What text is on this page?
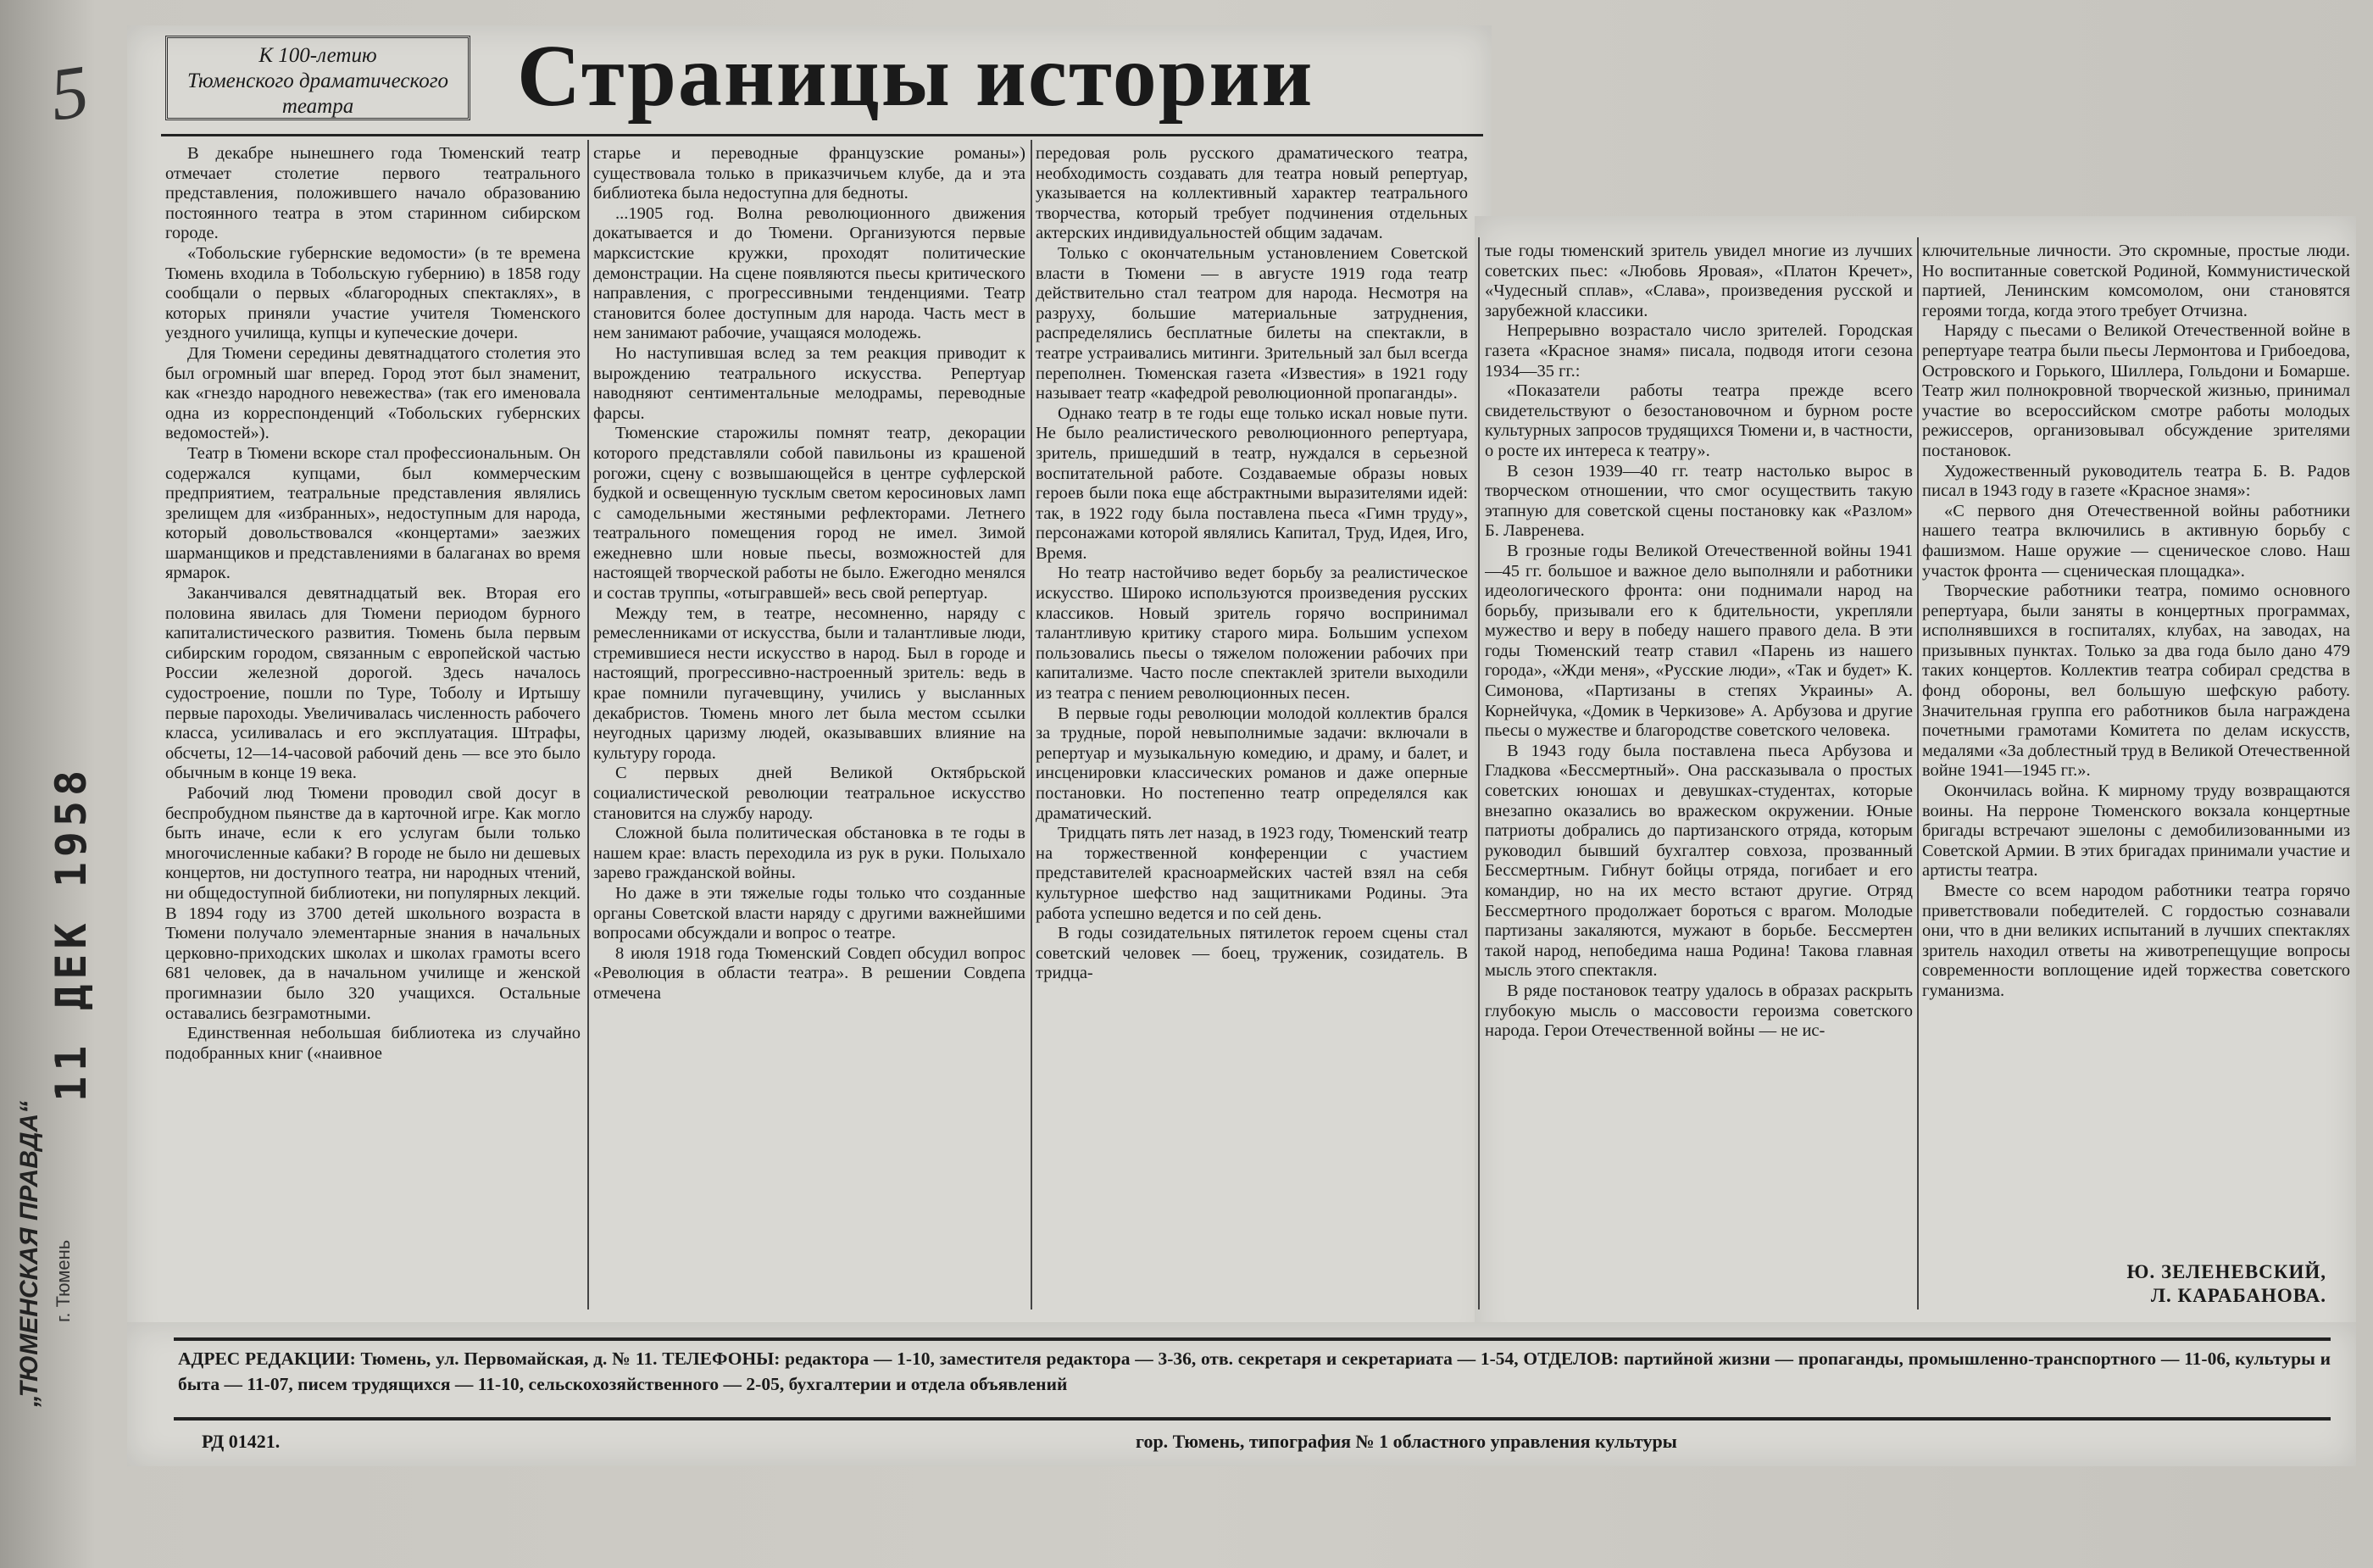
5	К 100-летию
Тюменского драматического
театра	Страницы истории

В декабре нынешнего года Тюменский театр отмечает столетие первого театрального представления, положившего начало образованию постоянного театра в этом старинном сибирском городе.

«Тобольские губернские ведомости» (в те времена Тюмень входила в Тобольскую губернию) в 1858 году сообщали о первых «благородных спектаклях», в которых приняли участие учителя Тюменского уездного училища, купцы и купеческие дочери.

Для Тюмени середины девятнадцатого столетия это был огромный шаг вперед. Город этот был знаменит, как «гнездо народного невежества» (так его именовала одна из корреспонденций «Тобольских губернских ведомостей»).

Театр в Тюмени вскоре стал профессиональным. Он содержался купцами, был коммерческим предприятием, театральные представления являлись зрелищем для «избранных», недоступным для народа, который довольствовался «концертами» заезжих шарманщиков и представлениями в балаганах во время ярмарок.

Заканчивался девятнадцатый век. Вторая его половина явилась для Тюмени периодом бурного капиталистического развития. Тюмень была первым сибирским городом, связанным с европейской частью России железной дорогой. Здесь началось судостроение, пошли по Туре, Тоболу и Иртышу первые пароходы. Увеличивалась численность рабочего класса, усиливалась и его эксплуатация. Штрафы, обсчеты, 12—14-часовой рабочий день — все это было обычным в конце 19 века.

Рабочий люд Тюмени проводил свой досуг в беспробудном пьянстве да в карточной игре. Как могло быть иначе, если к его услугам были только многочисленные кабаки? В городе не было ни дешевых концертов, ни доступного театра, ни народных чтений, ни общедоступной библиотеки, ни популярных лекций. В 1894 году из 3700 детей школьного возраста в Тюмени получало элементарные знания в начальных церковно-приходских школах и школах грамоты всего 681 человек, да в начальном училище и женской прогимназии было 320 учащихся. Остальные оставались безграмотными.

Единственная небольшая библиотека из случайно подобранных книг («наивное

старье и переводные французские романы») существовала только в приказчичьем клубе, да и эта библиотека была недоступна для бедноты.

...1905 год. Волна революционного движения докатывается и до Тюмени. Организуются первые марксистские кружки, проходят политические демонстрации. На сцене появляются пьесы критического направления, с прогрессивными тенденциями. Театр становится более доступным для народа. Часть мест в нем занимают рабочие, учащаяся молодежь.

Но наступившая вслед за тем реакция приводит к вырождению театрального искусства. Репертуар наводняют сентиментальные мелодрамы, переводные фарсы.

Тюменские старожилы помнят театр, декорации которого представляли собой павильоны из крашеной рогожи, сцену с возвышающейся в центре суфлерской будкой и освещенную тусклым светом керосиновых ламп с самодельными жестяными рефлекторами. Летнего театрального помещения город не имел. Зимой ежедневно шли новые пьесы, возможностей для настоящей творческой работы не было. Ежегодно менялся и состав труппы, «отыгравшей» весь свой репертуар.

Между тем, в театре, несомненно, наряду с ремесленниками от искусства, были и талантливые люди, стремившиеся нести искусство в народ. Был в городе и настоящий, прогрессивно-настроенный зритель: ведь в крае помнили пугачевщину, учились у высланных декабристов. Тюмень много лет была местом ссылки неугодных царизму людей, оказывавших влияние на культуру города.

С первых дней Великой Октябрьской социалистической революции театральное искусство становится на службу народу.

Сложной была политическая обстановка в те годы в нашем крае: власть переходила из рук в руки. Полыхало зарево гражданской войны.

Но даже в эти тяжелые годы только что созданные органы Советской власти наряду с другими важнейшими вопросами обсуждали и вопрос о театре.

8 июля 1918 года Тюменский Совдеп обсудил вопрос «Революция в области театра». В решении Совдепа отмечена

передовая роль русского драматического театра, необходимость создавать для театра новый репертуар, указывается на коллективный характер театрального творчества, который требует подчинения отдельных актерских индивидуальностей общим задачам.

Только с окончательным установлением Советской власти в Тюмени — в августе 1919 года театр действительно стал театром для народа. Несмотря на разруху, большие материальные затруднения, распределялись бесплатные билеты на спектакли, в театре устраивались митинги. Зрительный зал был всегда переполнен. Тюменская газета «Известия» в 1921 году называет театр «кафедрой революционной пропаганды».

Однако театр в те годы еще только искал новые пути. Не было реалистического революционного репертуара, зритель, пришедший в театр, нуждался в серьезной воспитательной работе. Создаваемые образы новых героев были пока еще абстрактными выразителями идей: так, в 1922 году была поставлена пьеса «Гимн труду», персонажами которой являлись Капитал, Труд, Идея, Иго, Время.

Но театр настойчиво ведет борьбу за реалистическое искусство. Широко используются произведения русских классиков. Новый зритель горячо воспринимал талантливую критику старого мира. Большим успехом пользовались пьесы о тяжелом положении рабочих при капитализме. Часто после спектаклей зрители выходили из театра с пением революционных песен.

В первые годы революции молодой коллектив брался за трудные, порой невыполнимые задачи: включали в репертуар и музыкальную комедию, и драму, и балет, и инсценировки классических романов и даже оперные постановки. Но постепенно театр определялся как драматический.

Тридцать пять лет назад, в 1923 году, Тюменский театр на торжественной конференции с участием представителей красноармейских частей взял на себя культурное шефство над защитниками Родины. Эта работа успешно ведется и по сей день.

В годы созидательных пятилеток героем сцены стал советский человек — боец, труженик, созидатель. В тридца-

тые годы тюменский зритель увидел многие из лучших советских пьес: «Любовь Яровая», «Платон Кречет», «Чудесный сплав», «Слава», произведения русской и зарубежной классики.

Непрерывно возрастало число зрителей. Городская газета «Красное знамя» писала, подводя итоги сезона 1934—35 гг.:

«Показатели работы театра прежде всего свидетельствуют о безостановочном и бурном росте культурных запросов трудящихся Тюмени и, в частности, о росте их интереса к театру».

В сезон 1939—40 гг. театр настолько вырос в творческом отношении, что смог осуществить такую этапную для советской сцены постановку как «Разлом» Б. Лавренева.

В грозные годы Великой Отечественной войны 1941—45 гг. большое и важное дело выполняли и работники идеологического фронта: они поднимали народ на борьбу, призывали его к бдительности, укрепляли мужество и веру в победу нашего правого дела. В эти годы Тюменский театр ставил «Парень из нашего города», «Жди меня», «Русские люди», «Так и будет» К. Симонова, «Партизаны в степях Украины» А. Корнейчука, «Домик в Черкизове» А. Арбузова и другие пьесы о мужестве и благородстве советского человека.

В 1943 году была поставлена пьеса Арбузова и Гладкова «Бессмертный». Она рассказывала о простых советских юношах и девушках-студентах, которые внезапно оказались во вражеском окружении. Юные патриоты добрались до партизанского отряда, которым руководил бывший бухгалтер совхоза, прозванный Бессмертным. Гибнут бойцы отряда, погибает и его командир, но на их место встают другие. Отряд Бессмертного продолжает бороться с врагом. Молодые партизаны закаляются, мужают в борьбе. Бессмертен такой народ, непобедима наша Родина! Такова главная мысль этого спектакля.

В ряде постановок театру удалось в образах раскрыть глубокую мысль о массовости героизма советского народа. Герои Отечественной войны — не ис-

ключительные личности. Это скромные, простые люди. Но воспитанные советской Родиной, Коммунистической партией, Ленинским комсомолом, они становятся героями тогда, когда этого требует Отчизна.

Наряду с пьесами о Великой Отечественной войне в репертуаре театра были пьесы Лермонтова и Грибоедова, Островского и Горького, Шиллера, Гольдони и Бомарше. Театр жил полнокровной творческой жизнью, принимал участие во всероссийском смотре работы молодых режиссеров, организовывал обсуждение зрителями постановок.

Художественный руководитель театра Б. В. Радов писал в 1943 году в газете «Красное знамя»:

«С первого дня Отечественной войны работники нашего театра включились в активную борьбу с фашизмом. Наше оружие — сценическое слово. Наш участок фронта — сценическая площадка».

Творческие работники театра, помимо основного репертуара, были заняты в концертных программах, исполнявшихся в госпиталях, клубах, на заводах, на призывных пунктах. Только за два года было дано 479 таких концертов. Коллектив театра собирал средства в фонд обороны, вел большую шефскую работу. Значительная группа его работников была награждена почетными грамотами Комитета по делам искусств, медалями «За доблестный труд в Великой Отечественной войне 1941—1945 гг.».

Окончилась война. К мирному труду возвращаются воины. На перроне Тюменского вокзала концертные бригады встречают эшелоны с демобилизованными из Советской Армии. В этих бригадах принимали участие и артисты театра.

Вместе со всем народом работники театра горячо приветствовали победителей. С гордостью сознавали они, что в дни великих испытаний в лучших спектаклях зритель находил ответы на животрепещущие вопросы современности воплощение идей торжества советского гуманизма.

Ю. ЗЕЛЕНЕВСКИЙ,
Л. КАРАБАНОВА.
АДРЕС РЕДАКЦИИ: Тюмень, ул. Первомайская, д. № 11. ТЕЛЕФОНЫ: редактора — 1-10, заместителя редактора — 3-36, отв. секретаря и секретариата — 1-54, ОТДЕЛОВ: партийной жизни — пропаганды, промышленно-транспортного — 11-06, культуры и быта — 11-07, писем трудящихся — 11-10, сельскохозяйственного — 2-05, бухгалтерии и отдела объявлений
РД 01421.	гор. Тюмень, типография № 1 областного управления культуры
11 ДЕК 1958
„ТЮМЕНСКАЯ ПРАВДА“ г. Тюмень
